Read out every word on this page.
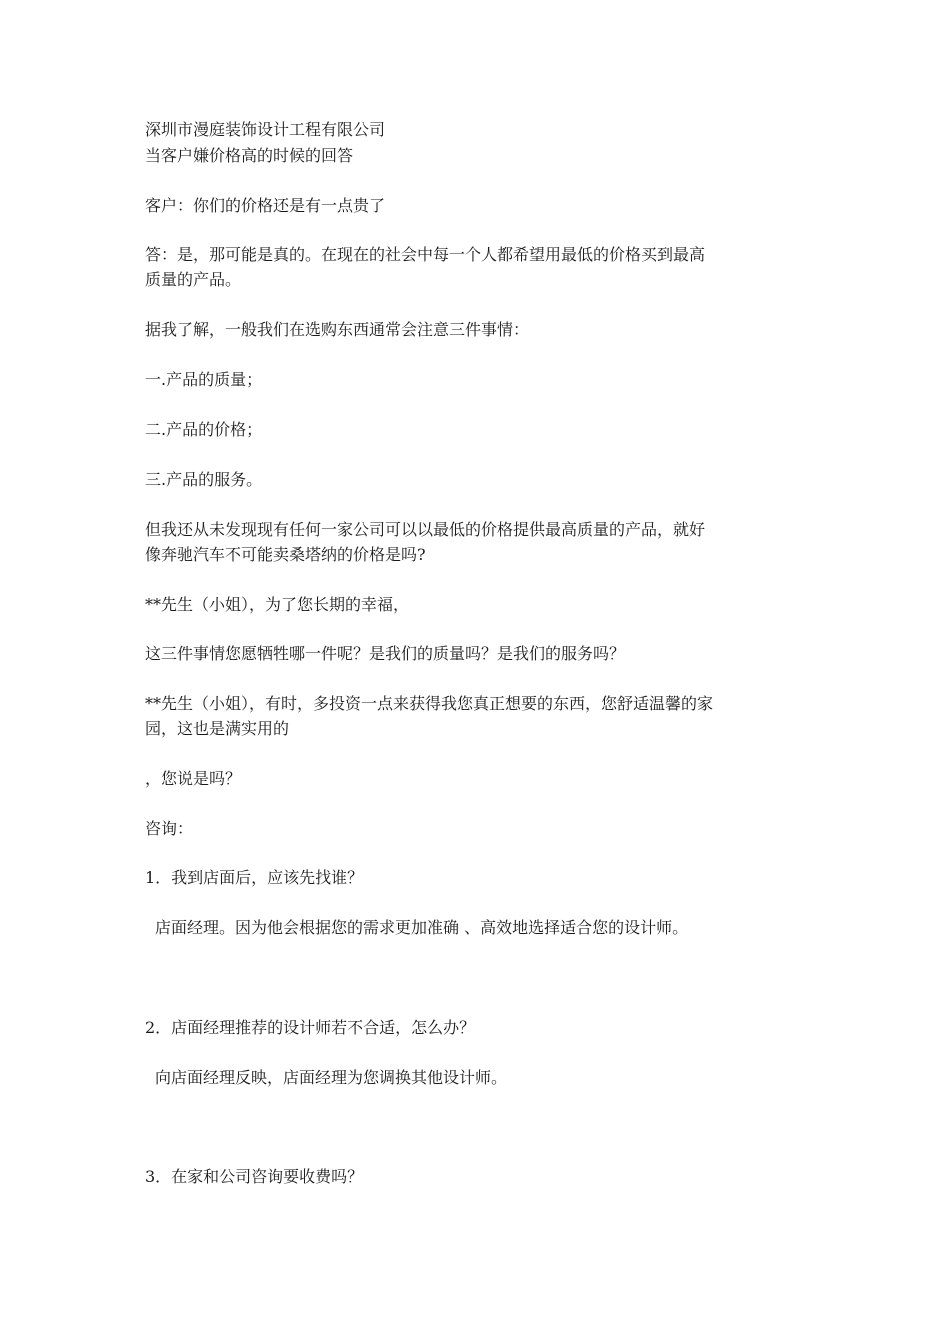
深圳市漫庭装饰设计工程有限公司

当客户嫌价格高的时候的回答

客户：你们的价格还是有一点贵了

答：是，那可能是真的。在现在的社会中每一个人都希望用最低的价格买到最高

质量的产品。

据我了解，一般我们在选购东西通常会注意三件事情：

一.产品的质量；

二.产品的价格；

三.产品的服务。

但我还从未发现现有任何一家公司可以以最低的价格提供最高质量的产品，就好

像奔驰汽车不可能卖桑塔纳的价格是吗?

**先生（小姐），为了您长期的幸福，

这三件事情您愿牺牲哪一件呢？是我们的质量吗？是我们的服务吗？

**先生（小姐），有时，多投资一点来获得我您真正想要的东西，您舒适温馨的家

园，这也是满实用的

，您说是吗？

咨询：

1．我到店面后，应该先找谁？

店面经理。因为他会根据您的需求更加准确 、高效地选择适合您的设计师。

2．店面经理推荐的设计师若不合适，怎么办？

向店面经理反映，店面经理为您调换其他设计师。

3．在家和公司咨询要收费吗？
